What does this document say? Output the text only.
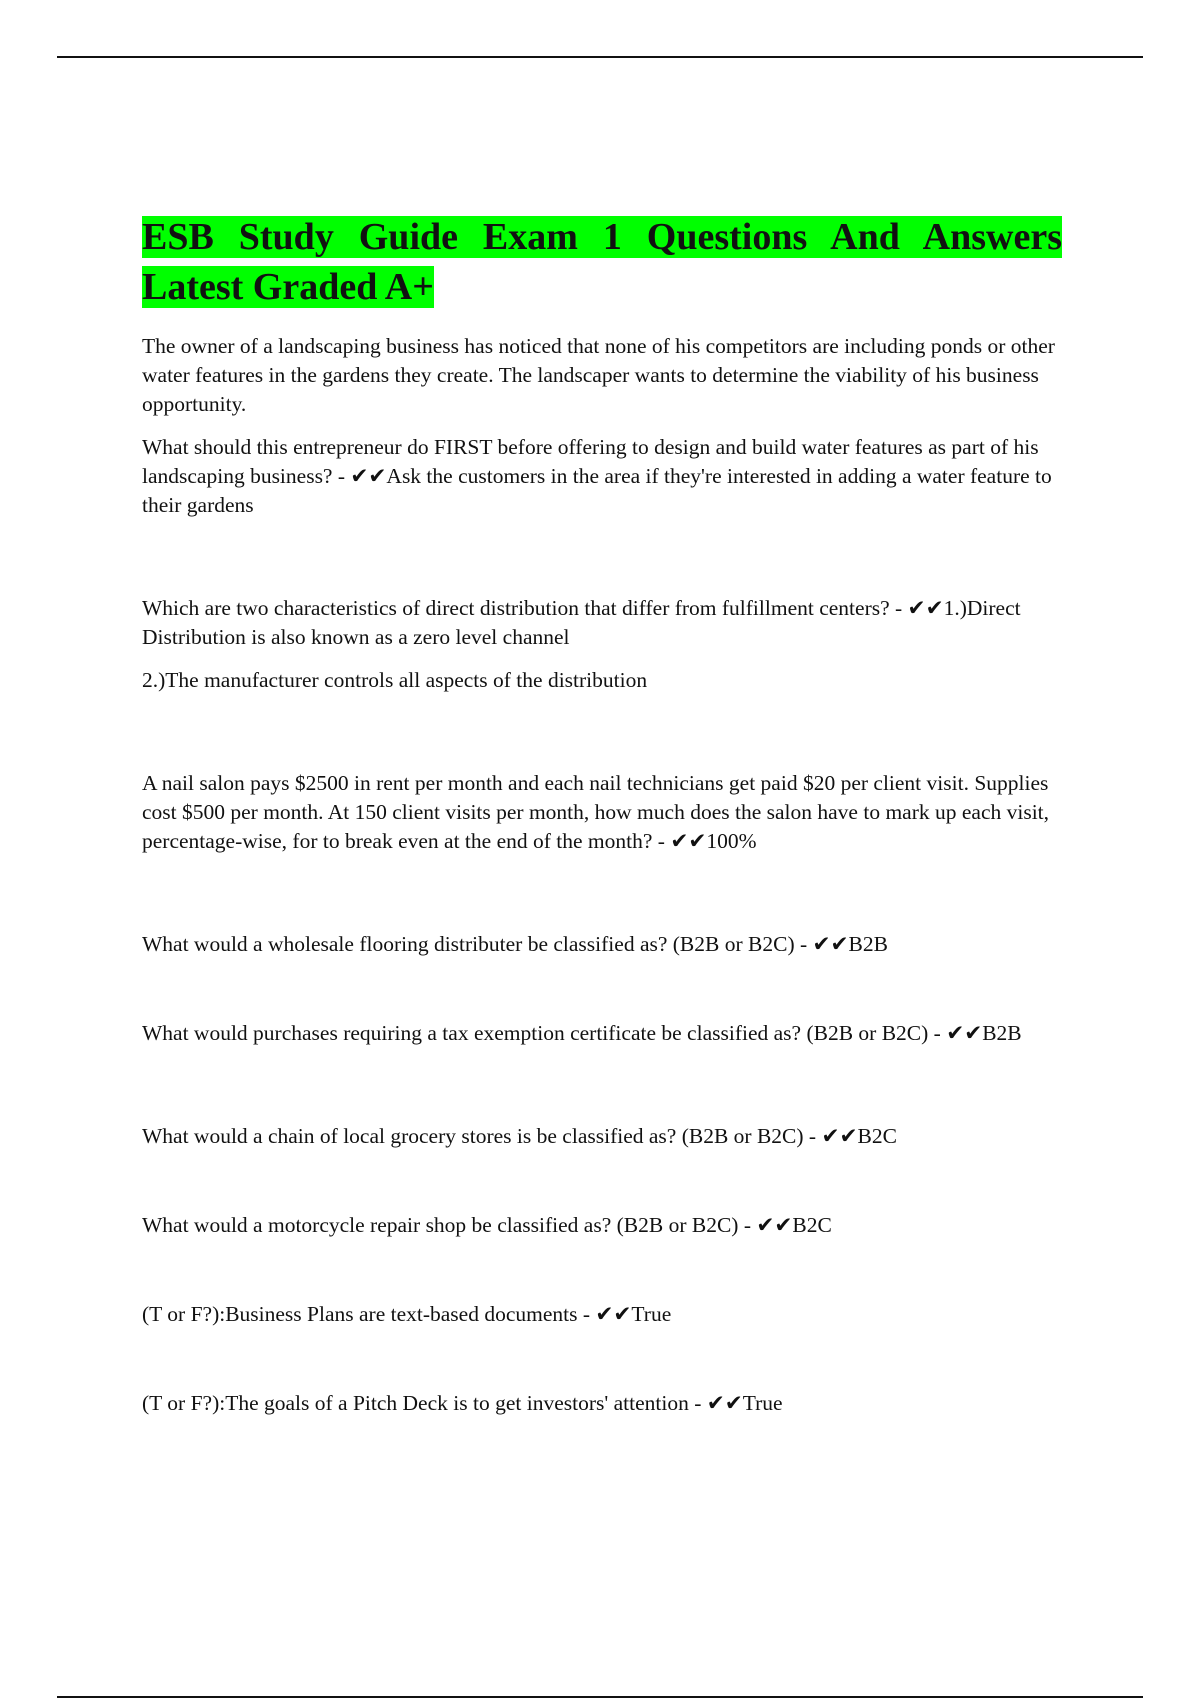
ESB Study Guide Exam 1 Questions And Answers Latest Graded A+

The owner of a landscaping business has noticed that none of his competitors are including ponds or other water features in the gardens they create. The landscaper wants to determine the viability of his business opportunity.

What should this entrepreneur do FIRST before offering to design and build water features as part of his landscaping business? - ✔✔Ask the customers in the area if they're interested in adding a water feature to their gardens

Which are two characteristics of direct distribution that differ from fulfillment centers? - ✔✔1.)Direct Distribution is also known as a zero level channel

2.)The manufacturer controls all aspects of the distribution

A nail salon pays $2500 in rent per month and each nail technicians get paid $20 per client visit. Supplies cost $500 per month. At 150 client visits per month, how much does the salon have to mark up each visit, percentage-wise, for to break even at the end of the month? - ✔✔100%

What would a wholesale flooring distributer be classified as? (B2B or B2C) - ✔✔B2B

What would purchases requiring a tax exemption certificate be classified as? (B2B or B2C) - ✔✔B2B

What would a chain of local grocery stores is be classified as? (B2B or B2C) - ✔✔B2C

What would a motorcycle repair shop be classified as? (B2B or B2C) - ✔✔B2C

(T or F?):Business Plans are text-based documents - ✔✔True

(T or F?):The goals of a Pitch Deck is to get investors' attention - ✔✔True
